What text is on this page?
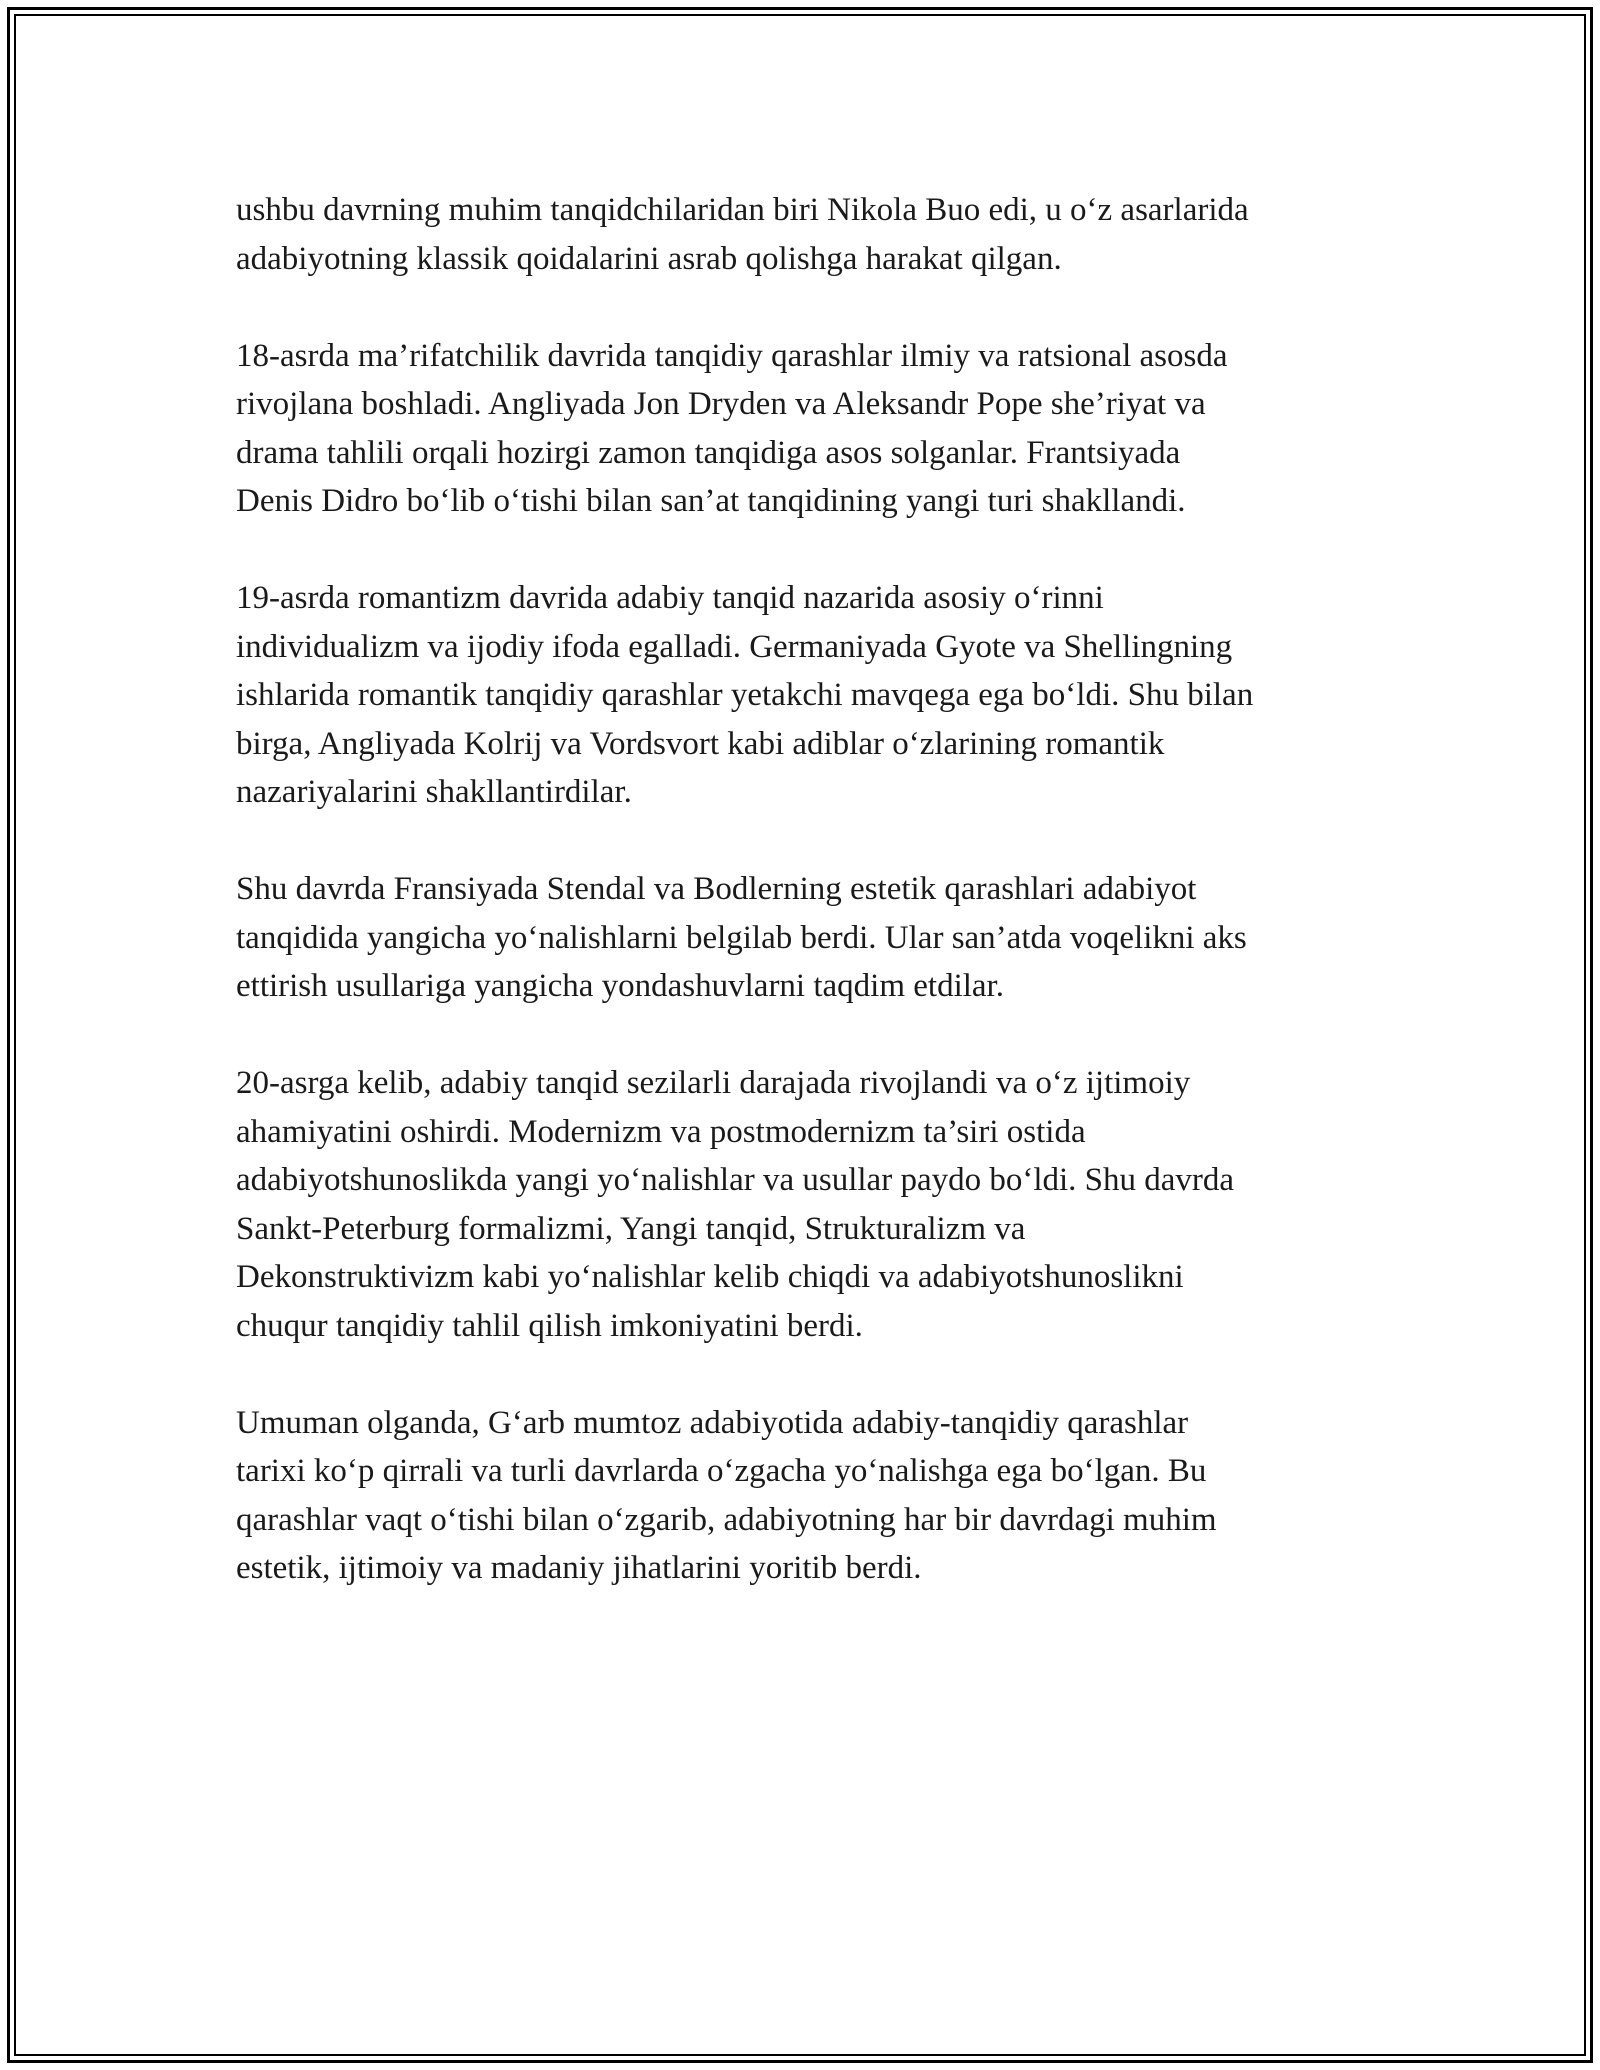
ushbu davrning muhim tanqidchilaridan biri Nikola Buo edi, u o‘z asarlarida
adabiyotning klassik qoidalarini asrab qolishga harakat qilgan.

18-asrda ma’rifatchilik davrida tanqidiy qarashlar ilmiy va ratsional asosda
rivojlana boshladi. Angliyada Jon Dryden va Aleksandr Pope she’riyat va
drama tahlili orqali hozirgi zamon tanqidiga asos solganlar. Frantsiyada
Denis Didro bo‘lib o‘tishi bilan san’at tanqidining yangi turi shakllandi.

19-asrda romantizm davrida adabiy tanqid nazarida asosiy o‘rinni
individualizm va ijodiy ifoda egalladi. Germaniyada Gyote va Shellingning
ishlarida romantik tanqidiy qarashlar yetakchi mavqega ega bo‘ldi. Shu bilan
birga, Angliyada Kolrij va Vordsvort kabi adiblar o‘zlarining romantik
nazariyalarini shakllantirdilar.

Shu davrda Fransiyada Stendal va Bodlerning estetik qarashlari adabiyot
tanqidida yangicha yo‘nalishlarni belgilab berdi. Ular san’atda voqelikni aks
ettirish usullariga yangicha yondashuvlarni taqdim etdilar.

20-asrga kelib, adabiy tanqid sezilarli darajada rivojlandi va o‘z ijtimoiy
ahamiyatini oshirdi. Modernizm va postmodernizm ta’siri ostida
adabiyotshunoslikda yangi yo‘nalishlar va usullar paydo bo‘ldi. Shu davrda
Sankt-Peterburg formalizmi, Yangi tanqid, Strukturalizm va
Dekonstruktivizm kabi yo‘nalishlar kelib chiqdi va adabiyotshunoslikni
chuqur tanqidiy tahlil qilish imkoniyatini berdi.

Umuman olganda, G‘arb mumtoz adabiyotida adabiy-tanqidiy qarashlar
tarixi ko‘p qirrali va turli davrlarda o‘zgacha yo‘nalishga ega bo‘lgan. Bu
qarashlar vaqt o‘tishi bilan o‘zgarib, adabiyotning har bir davrdagi muhim
estetik, ijtimoiy va madaniy jihatlarini yoritib berdi.
